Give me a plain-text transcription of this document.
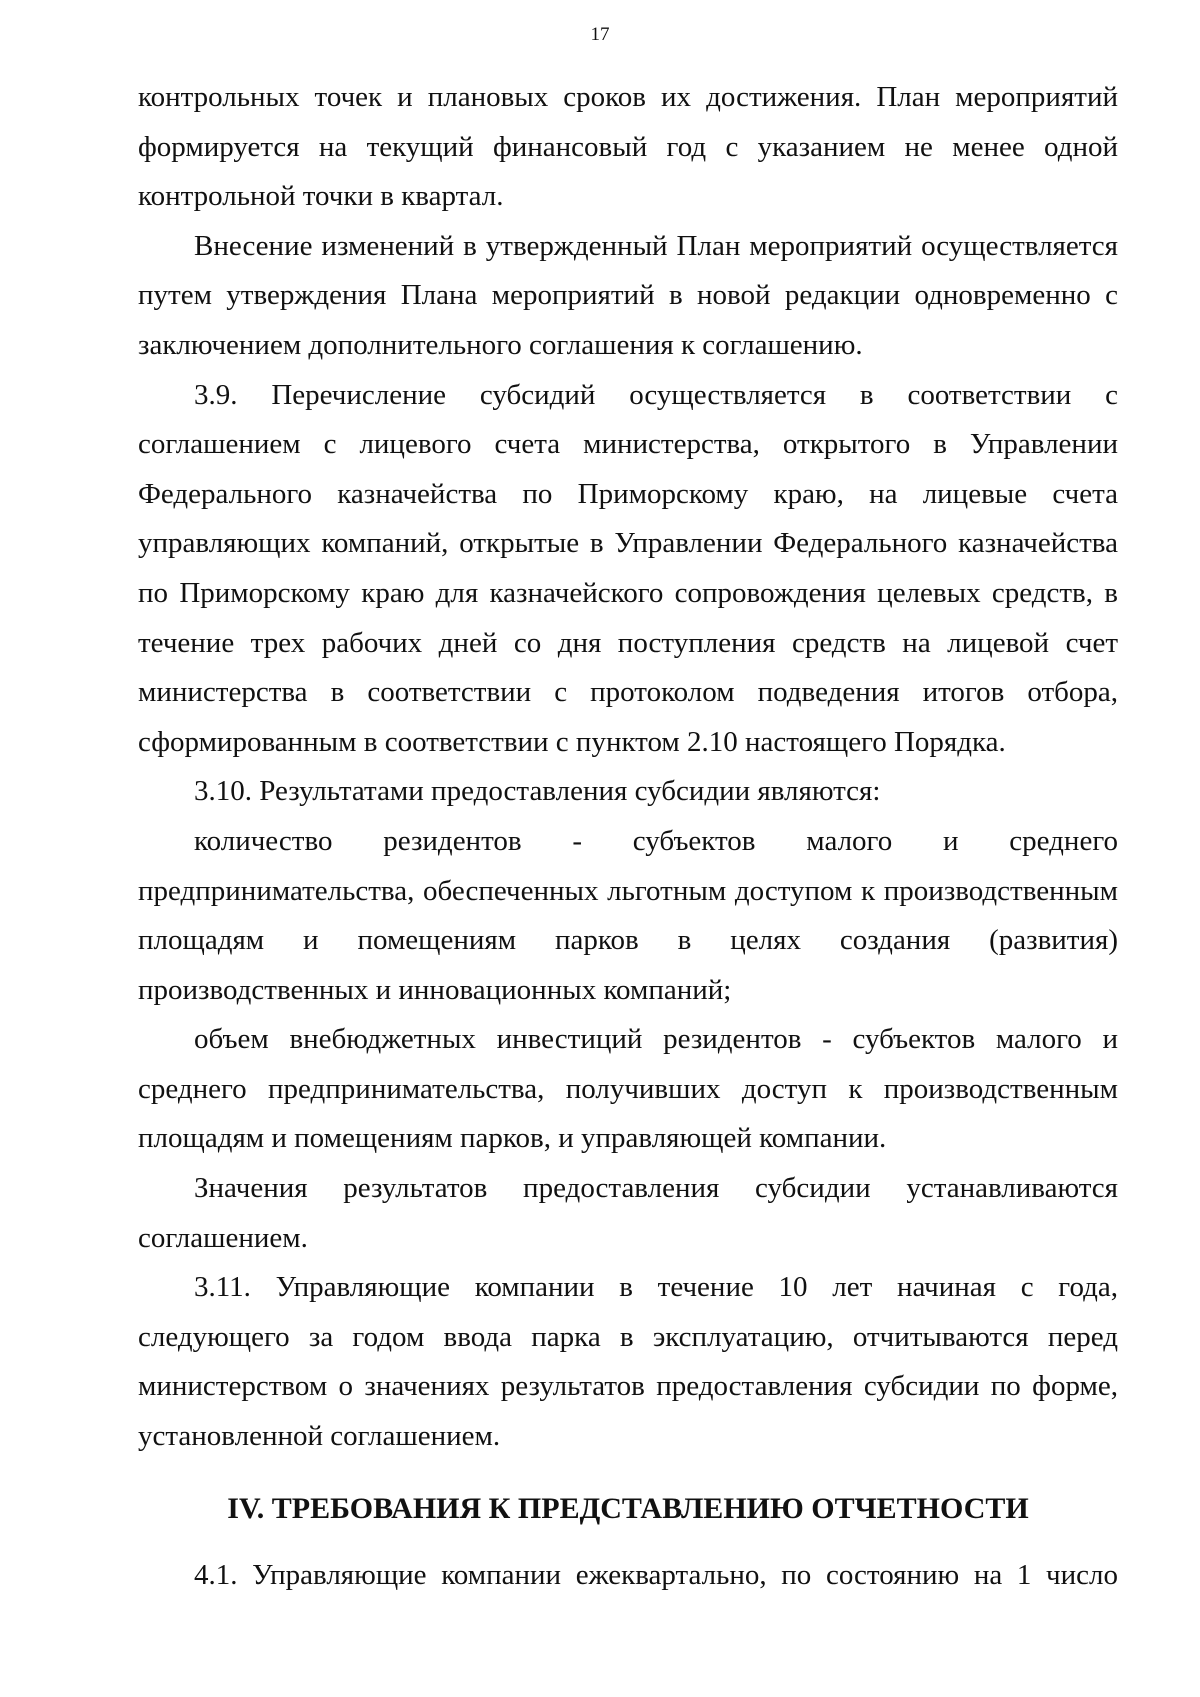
17

контрольных точек и плановых сроков их достижения. План мероприятий формируется на текущий финансовый год с указанием не менее одной контрольной точки в квартал.

Внесение изменений в утвержденный План мероприятий осуществляется путем утверждения Плана мероприятий в новой редакции одновременно с заключением дополнительного соглашения к соглашению.

3.9. Перечисление субсидий осуществляется в соответствии с соглашением с лицевого счета министерства, открытого в Управлении Федерального казначейства по Приморскому краю, на лицевые счета управляющих компаний, открытые в Управлении Федерального казначейства по Приморскому краю для казначейского сопровождения целевых средств, в течение трех рабочих дней со дня поступления средств на лицевой счет министерства в соответствии с протоколом подведения итогов отбора, сформированным в соответствии с пунктом 2.10 настоящего Порядка.

3.10. Результатами предоставления субсидии являются:

количество резидентов - субъектов малого и среднего предпринимательства, обеспеченных льготным доступом к производственным площадям и помещениям парков в целях создания (развития) производственных и инновационных компаний;

объем внебюджетных инвестиций резидентов - субъектов малого и среднего предпринимательства, получивших доступ к производственным площадям и помещениям парков, и управляющей компании.

Значения результатов предоставления субсидии устанавливаются соглашением.

3.11. Управляющие компании в течение 10 лет начиная с года, следующего за годом ввода парка в эксплуатацию, отчитываются перед министерством о значениях результатов предоставления субсидии по форме, установленной соглашением.

IV. ТРЕБОВАНИЯ К ПРЕДСТАВЛЕНИЮ ОТЧЕТНОСТИ

4.1. Управляющие компании ежеквартально, по состоянию на 1 число
